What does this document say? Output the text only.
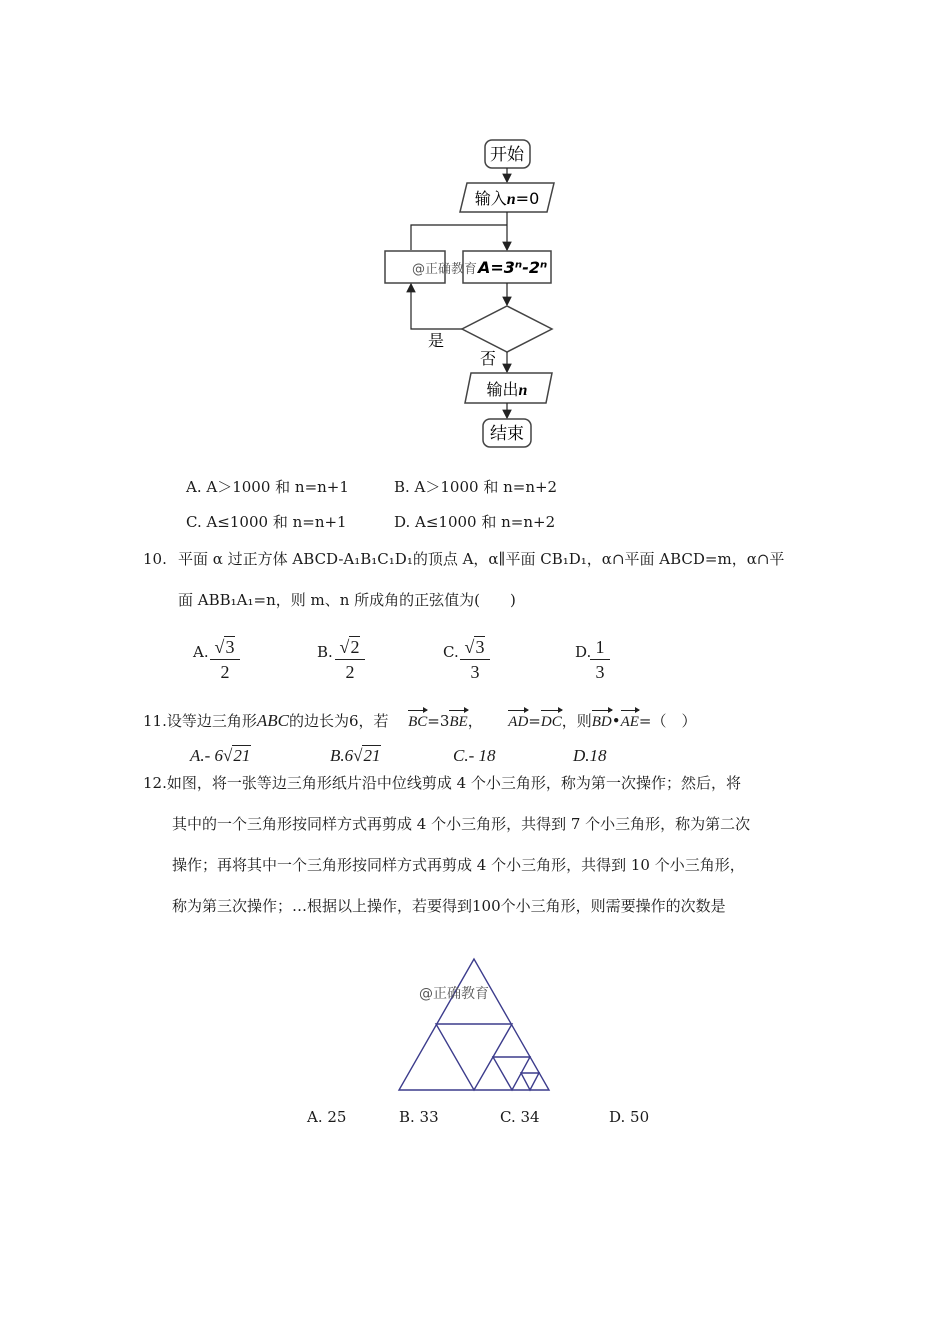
开始
输入n=0
@正确教育 A=3ⁿ-2ⁿ
是
否
输出n
结束
A. A＞1000 和 n=n+1	B. A＞1000 和 n=n+2
C. A≤1000 和 n=n+1	D. A≤1000 和 n=n+2
10. 平面 α 过正方体 ABCD-A₁B₁C₁D₁的顶点 A，α∥平面 CB₁D₁，α∩平面 ABCD=m，α∩平
面 ABB₁A₁=n，则 m、n 所成角的正弦值为(　　)
A. √3
2
B. √2
2
C. √3
3
D. 1
3
11.设等边三角形ABC的边长为6，若 BC=3BE， AD=DC，则BD•AE=（　）
A.- 6√21	B.6√21	C.- 18	D.18
12.如图，将一张等边三角形纸片沿中位线剪成 4 个小三角形，称为第一次操作；然后，将
其中的一个三角形按同样方式再剪成 4 个小三角形，共得到 7 个小三角形，称为第二次
操作；再将其中一个三角形按同样方式再剪成 4 个小三角形，共得到 10 个小三角形，
称为第三次操作；…根据以上操作，若要得到100个小三角形，则需要操作的次数是
@正确教育
A. 25	B. 33	C. 34	D. 50
